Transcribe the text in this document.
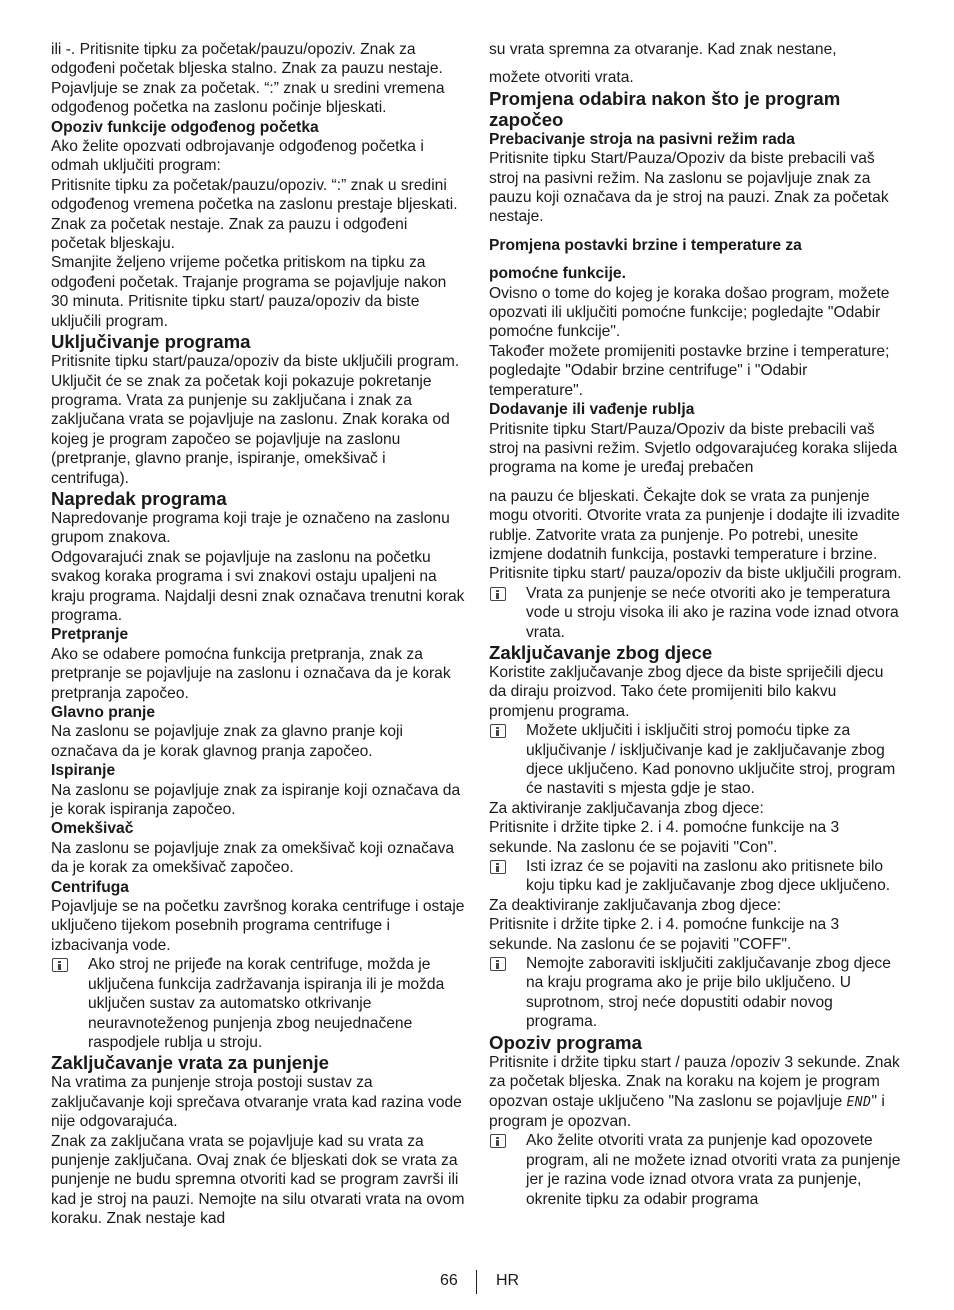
ili -. Pritisnite tipku za početak/pauzu/opoziv. Znak za odgođeni početak bljeska stalno. Znak za pauzu nestaje. Pojavljuje se znak za početak. “:” znak u sredini vremena odgođenog početka na zaslonu počinje bljeskati.

Opoziv funkcije odgođenog početka

Ako želite opozvati odbrojavanje odgođenog početka i odmah uključiti program:

Pritisnite tipku za početak/pauzu/opoziv. “:” znak u sredini odgođenog vremena početka na zaslonu prestaje bljeskati. Znak za početak nestaje. Znak za pauzu i odgođeni početak bljeskaju.

Smanjite željeno vrijeme početka pritiskom na tipku za odgođeni početak. Trajanje programa se pojavljuje nakon 30 minuta. Pritisnite tipku start/ pauza/opoziv da biste uključili program.

Uključivanje programa

Pritisnite tipku start/pauza/opoziv da biste uključili program. Uključit će se znak za početak koji pokazuje pokretanje programa. Vrata za punjenje su zaključana i znak za zaključana vrata se pojavljuje na zaslonu. Znak koraka od kojeg je program započeo se pojavljuje na zaslonu (pretpranje, glavno pranje, ispiranje, omekšivač i centrifuga).

Napredak programa

Napredovanje programa koji traje je označeno na zaslonu grupom znakova.

Odgovarajući znak se pojavljuje na zaslonu na početku svakog koraka programa i svi znakovi ostaju upaljeni na kraju programa. Najdalji desni znak označava trenutni korak programa.

Pretpranje

Ako se odabere pomoćna funkcija pretpranja, znak za pretpranje se pojavljuje na zaslonu i označava da je korak pretpranja započeo.

Glavno pranje

Na zaslonu se pojavljuje znak za glavno pranje koji označava da je korak glavnog pranja započeo.

Ispiranje

Na zaslonu se pojavljuje znak za ispiranje koji označava da je korak ispiranja započeo.

Omekšivač

Na zaslonu se pojavljuje znak za omekšivač koji označava da je korak za omekšivač započeo.

Centrifuga

Pojavljuje se na početku završnog koraka centrifuge i ostaje uključeno tijekom posebnih programa centrifuge i izbacivanja vode.

Ako stroj ne prijeđe na korak centrifuge, možda je uključena funkcija zadržavanja ispiranja ili je možda uključen sustav za automatsko otkrivanje neuravnoteženog punjenja zbog neujednačene raspodjele rublja u stroju.

Zaključavanje vrata za punjenje

Na vratima za punjenje stroja postoji sustav za zaključavanje koji sprečava otvaranje vrata kad razina vode nije odgovarajuća.

Znak za zaključana vrata se pojavljuje kad su vrata za punjenje zaključana. Ovaj znak će bljeskati dok se vrata za punjenje ne budu spremna otvoriti kad se program završi ili kad je stroj na pauzi. Nemojte na silu otvarati vrata na ovom koraku. Znak nestaje kad

su vrata spremna za otvaranje. Kad znak nestane,

možete otvoriti vrata.

Promjena odabira nakon što je program započeo

Prebacivanje stroja na pasivni režim rada

Pritisnite tipku Start/Pauza/Opoziv da biste prebacili vaš stroj na pasivni režim. Na zaslonu se pojavljuje znak za pauzu koji označava da je stroj na pauzi. Znak za početak nestaje.

Promjena postavki brzine i temperature za

pomoćne funkcije.

Ovisno o tome do kojeg je koraka došao program, možete opozvati ili uključiti pomoćne funkcije; pogledajte "Odabir pomoćne funkcije".

Također možete promijeniti postavke brzine i temperature; pogledajte "Odabir brzine centrifuge" i "Odabir temperature".

Dodavanje ili vađenje rublja

Pritisnite tipku Start/Pauza/Opoziv da biste prebacili vaš stroj na pasivni režim. Svjetlo odgovarajućeg koraka slijeda programa na kome je uređaj prebačen

na pauzu će bljeskati. Čekajte dok se vrata za punjenje mogu otvoriti. Otvorite vrata za punjenje i dodajte ili izvadite rublje. Zatvorite vrata za punjenje. Po potrebi, unesite izmjene dodatnih funkcija, postavki temperature i brzine. Pritisnite tipku start/ pauza/opoziv da biste uključili program.

Vrata za punjenje se neće otvoriti ako je temperatura vode u stroju visoka ili ako je razina vode iznad otvora vrata.

Zaključavanje zbog djece

Koristite zaključavanje zbog djece da biste spriječili djecu da diraju proizvod. Tako ćete promijeniti bilo kakvu promjenu programa.

Možete uključiti i isključiti stroj pomoću tipke za uključivanje / isključivanje kad je zaključavanje zbog djece uključeno. Kad ponovno uključite stroj, program će nastaviti s mjesta gdje je stao.

Za aktiviranje zaključavanja zbog djece:

Pritisnite i držite tipke 2. i 4. pomoćne funkcije na 3 sekunde. Na zaslonu će se pojaviti "Con".

Isti izraz će se pojaviti na zaslonu ako pritisnete bilo koju tipku kad je zaključavanje zbog djece uključeno.

Za deaktiviranje zaključavanja zbog djece:

Pritisnite i držite tipke 2. i 4. pomoćne funkcije na 3 sekunde. Na zaslonu će se pojaviti "COFF".

Nemojte zaboraviti isključiti zaključavanje zbog djece na kraju programa ako je prije bilo uključeno. U suprotnom, stroj neće dopustiti odabir novog programa.

Opoziv programa

Pritisnite i držite tipku start / pauza /opoziv 3 sekunde. Znak za početak bljeska. Znak na koraku na kojem je program opozvan ostaje uključeno "Na zaslonu se pojavljuje END" i program je opozvan.

Ako želite otvoriti vrata za punjenje kad opozovete program, ali ne možete iznad otvoriti vrata za punjenje jer je razina vode iznad otvora vrata za punjenje, okrenite tipku za odabir programa
66 HR
